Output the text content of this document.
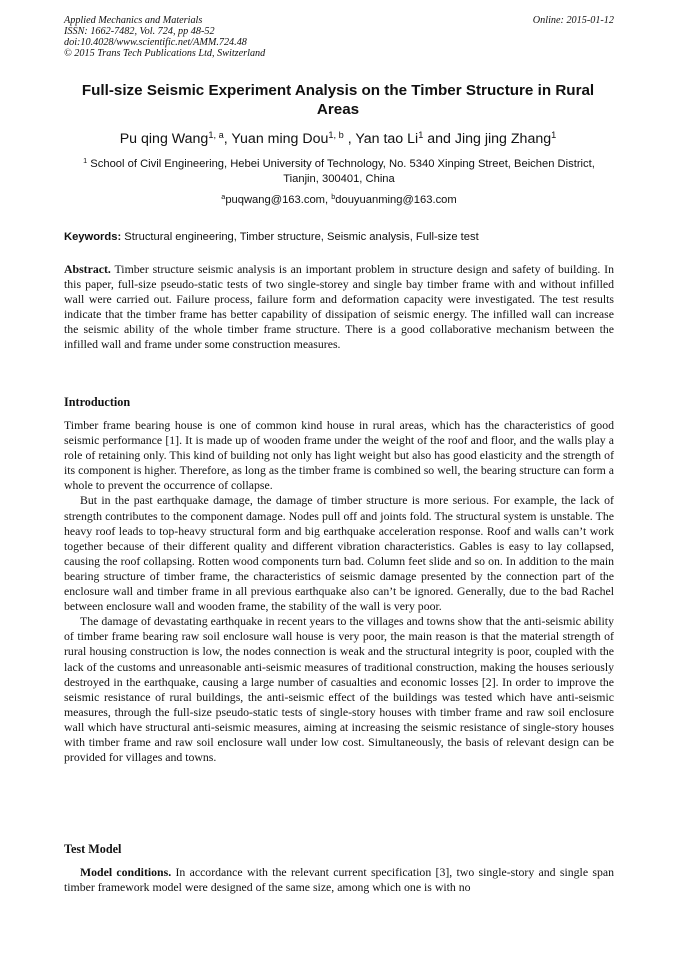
Applied Mechanics and Materials
ISSN: 1662-7482, Vol. 724, pp 48-52
doi:10.4028/www.scientific.net/AMM.724.48
© 2015 Trans Tech Publications Ltd, Switzerland
Online: 2015-01-12
Full-size Seismic Experiment Analysis on the Timber Structure in Rural Areas
Pu qing Wang$^{1, a}$, Yuan ming Dou$^{1, b}$ , Yan tao Li$^1$ and Jing jing Zhang$^1$
$^1$ School of Civil Engineering, Hebei University of Technology, No. 5340 Xinping Street, Beichen District, Tianjin, 300401, China
$^a$puqwang@163.com, $^b$douyuanming@163.com
Keywords: Structural engineering, Timber structure, Seismic analysis, Full-size test

Abstract. Timber structure seismic analysis is an important problem in structure design and safety of building. In this paper, full-size pseudo-static tests of two single-storey and single bay timber frame with and without infilled wall were carried out. Failure process, failure form and deformation capacity were investigated. The test results indicate that the timber frame has better capability of dissipation of seismic energy. The infilled wall can increase the seismic ability of the whole timber frame structure. There is a good collaborative mechanism between the infilled wall and frame under some construction measures.

Introduction

Timber frame bearing house is one of common kind house in rural areas, which has the characteristics of good seismic performance [1]. It is made up of wooden frame under the weight of the roof and floor, and the walls play a role of retaining only. This kind of building not only has light weight but also has good elasticity and the strength of its component is higher. Therefore, as long as the timber frame is combined so well, the bearing structure can form a whole to prevent the occurrence of collapse.

But in the past earthquake damage, the damage of timber structure is more serious. For example, the lack of strength contributes to the component damage. Nodes pull off and joints fold. The structural system is unstable. The heavy roof leads to top-heavy structural form and big earthquake acceleration response. Roof and walls can’t work together because of their different quality and different vibration characteristics. Gables is easy to lay collapsed, causing the roof collapsing. Rotten wood components turn bad. Column feet slide and so on. In addition to the main bearing structure of timber frame, the characteristics of seismic damage presented by the connection part of the enclosure wall and timber frame in all previous earthquake also can’t be ignored. Generally, due to the bad Rachel between enclosure wall and wooden frame, the stability of the wall is very poor.

The damage of devastating earthquake in recent years to the villages and towns show that the anti-seismic ability of timber frame bearing raw soil enclosure wall house is very poor, the main reason is that the material strength of rural housing construction is low, the nodes connection is weak and the structural integrity is poor, coupled with the lack of the customs and unreasonable anti-seismic measures of traditional construction, making the houses seriously destroyed in the earthquake, causing a large number of casualties and economic losses [2]. In order to improve the seismic resistance of rural buildings, the anti-seismic effect of the buildings was tested which have anti-seismic measures, through the full-size pseudo-static tests of single-story houses with timber frame and raw soil enclosure wall which have structural anti-seismic measures, aiming at increasing the seismic resistance of single-story houses with timber frame and raw soil enclosure wall under low cost. Simultaneously, the basis of relevant design can be provided for villages and towns.

Test Model

Model conditions. In accordance with the relevant current specification [3], two single-story and single span timber framework model were designed of the same size, among which one is with no
